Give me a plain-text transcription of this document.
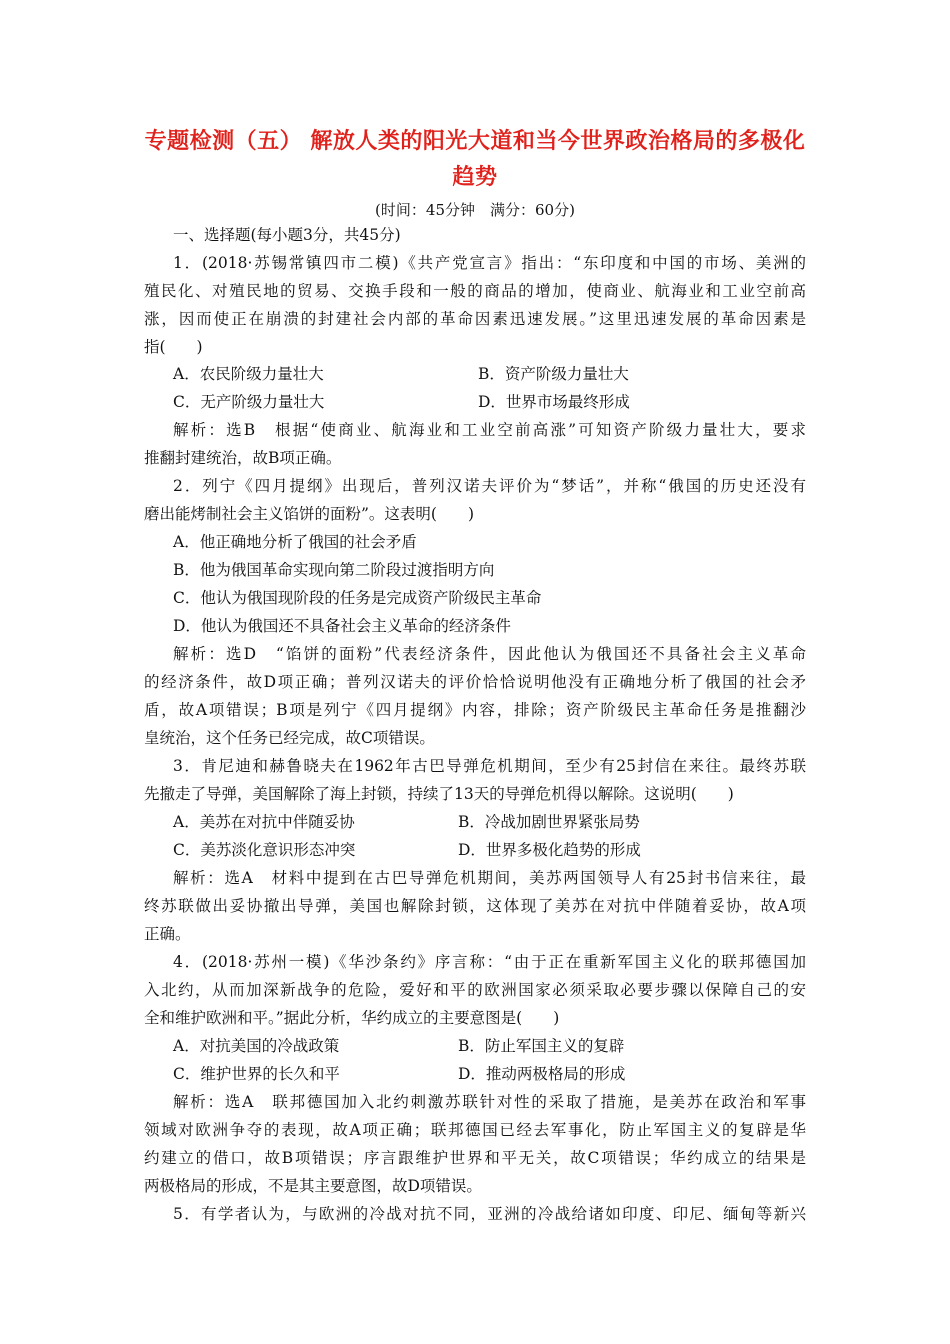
专题检测（五） 解放人类的阳光大道和当今世界政治格局的多极化
趋势
(时间：45分钟　满分：60分)
一、选择题(每小题3分，共45分)
1．(2018·苏锡常镇四市二模)《共产党宣言》指出：“东印度和中国的市场、美洲的
殖民化、对殖民地的贸易、交换手段和一般的商品的增加，使商业、航海业和工业空前高
涨，因而使正在崩溃的封建社会内部的革命因素迅速发展。”这里迅速发展的革命因素是
指(　　)
A．农民阶级力量壮大	B．资产阶级力量壮大
C．无产阶级力量壮大	D．世界市场最终形成
解析：选B　根据“使商业、航海业和工业空前高涨”可知资产阶级力量壮大，要求
推翻封建统治，故B项正确。
2．列宁《四月提纲》出现后，普列汉诺夫评价为“梦话”，并称“俄国的历史还没有
磨出能烤制社会主义馅饼的面粉”。这表明(　　)
A．他正确地分析了俄国的社会矛盾
B．他为俄国革命实现向第二阶段过渡指明方向
C．他认为俄国现阶段的任务是完成资产阶级民主革命
D．他认为俄国还不具备社会主义革命的经济条件
解析：选D　“馅饼的面粉”代表经济条件，因此他认为俄国还不具备社会主义革命
的经济条件，故D项正确；普列汉诺夫的评价恰恰说明他没有正确地分析了俄国的社会矛
盾，故A项错误；B项是列宁《四月提纲》内容，排除；资产阶级民主革命任务是推翻沙
皇统治，这个任务已经完成，故C项错误。
3．肯尼迪和赫鲁晓夫在1962年古巴导弹危机期间，至少有25封信在来往。最终苏联
先撤走了导弹，美国解除了海上封锁，持续了13天的导弹危机得以解除。这说明(　　)
A．美苏在对抗中伴随妥协	B．冷战加剧世界紧张局势
C．美苏淡化意识形态冲突	D．世界多极化趋势的形成
解析：选A　材料中提到在古巴导弹危机期间，美苏两国领导人有25封书信来往，最
终苏联做出妥协撤出导弹，美国也解除封锁，这体现了美苏在对抗中伴随着妥协，故A项
正确。
4．(2018·苏州一模)《华沙条约》序言称：“由于正在重新军国主义化的联邦德国加
入北约，从而加深新战争的危险，爱好和平的欧洲国家必须采取必要步骤以保障自己的安
全和维护欧洲和平。”据此分析，华约成立的主要意图是(　　)
A．对抗美国的冷战政策	B．防止军国主义的复辟
C．维护世界的长久和平	D．推动两极格局的形成
解析：选A　联邦德国加入北约刺激苏联针对性的采取了措施，是美苏在政治和军事
领域对欧洲争夺的表现，故A项正确；联邦德国已经去军事化，防止军国主义的复辟是华
约建立的借口，故B项错误；序言跟维护世界和平无关，故C项错误；华约成立的结果是
两极格局的形成，不是其主要意图，故D项错误。
5．有学者认为，与欧洲的冷战对抗不同，亚洲的冷战给诸如印度、印尼、缅甸等新兴
